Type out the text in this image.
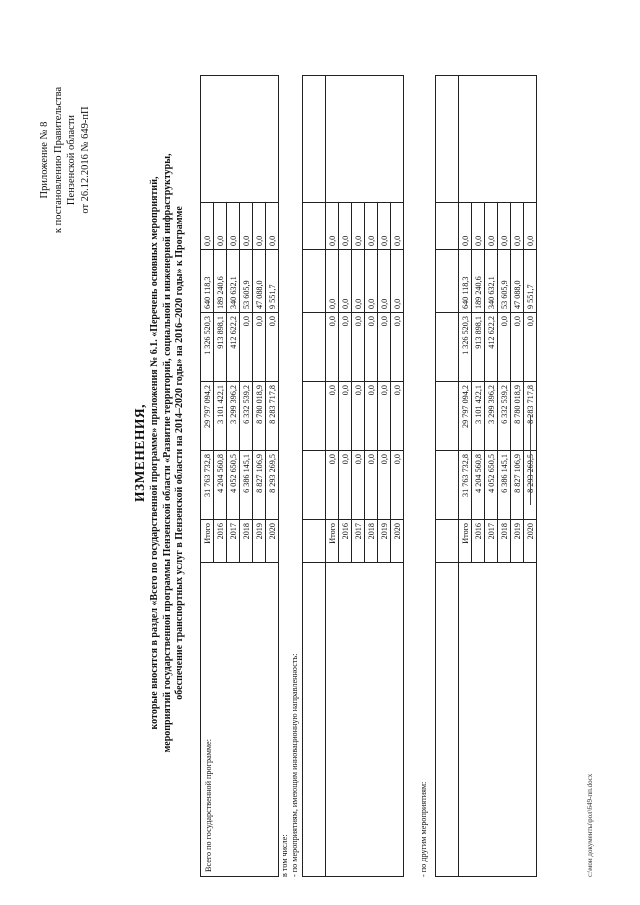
Приложение № 8 к постановлению Правительства Пензенской области от 26.12.2016 № 649-пП
ИЗМЕНЕНИЯ, которые вносятся в раздел «Всего по государственной программе» приложения № 6.1. «Перечень основных мероприятий, мероприятий государственной программы Пензенской области «Развитие территорий, социальной и инженерной инфраструктуры, обеспечение транспортных услуг в Пензенской области на 2014–2020 годы» на 2016–2020 годы» к Программе
Всего по государственной программе:	Итого	31 763 732,8	29 797 094,2	1 326 520,3	640 118,3	0,0	
	2016	4 204 560,8	3 101 422,1	913 898,1	189 240,6	0,0	
	2017	4 052 650,5	3 299 396,2	412 622,2	340 632,1	0,0	
	2018	6 386 145,1	6 332 539,2	0,0	53 605,9	0,0	
	2019	8 827 106,9	8 780 018,9	0,0	47 088,0	0,0	
	2020	8 293 269,5	8 283 717,8	0,0	9 551,7	0,0	
в том числе: - по мероприятиям, имеющим инновационную направленность:

	Итого	0,0	0,0	0,0	0,0	0,0	
	2016	0,0	0,0	0,0	0,0	0,0	
	2017	0,0	0,0	0,0	0,0	0,0	
	2018	0,0	0,0	0,0	0,0	0,0	
	2019	0,0	0,0	0,0	0,0	0,0	
	2020	0,0	0,0	0,0	0,0	0,0	
- по другим мероприятиям:

	Итого	31 763 732,8	29 797 094,2	1 326 520,3	640 118,3	0,0	
	2016	4 204 560,8	3 101 422,1	913 898,1	189 240,6	0,0	
	2017	4 052 650,5	3 299 396,2	412 622,2	340 632,1	0,0	
	2018	6 386 145,1	6 332 539,2	0,0	53 605,9	0,0	
	2019	8 827 106,9	8 780 018,9	0,0	47 088,0	0,0	
	2020	8 293 269,5	8 283 717,8	0,0	9 551,7	0,0	
с:\мои документы\рол\649-пп.docx
